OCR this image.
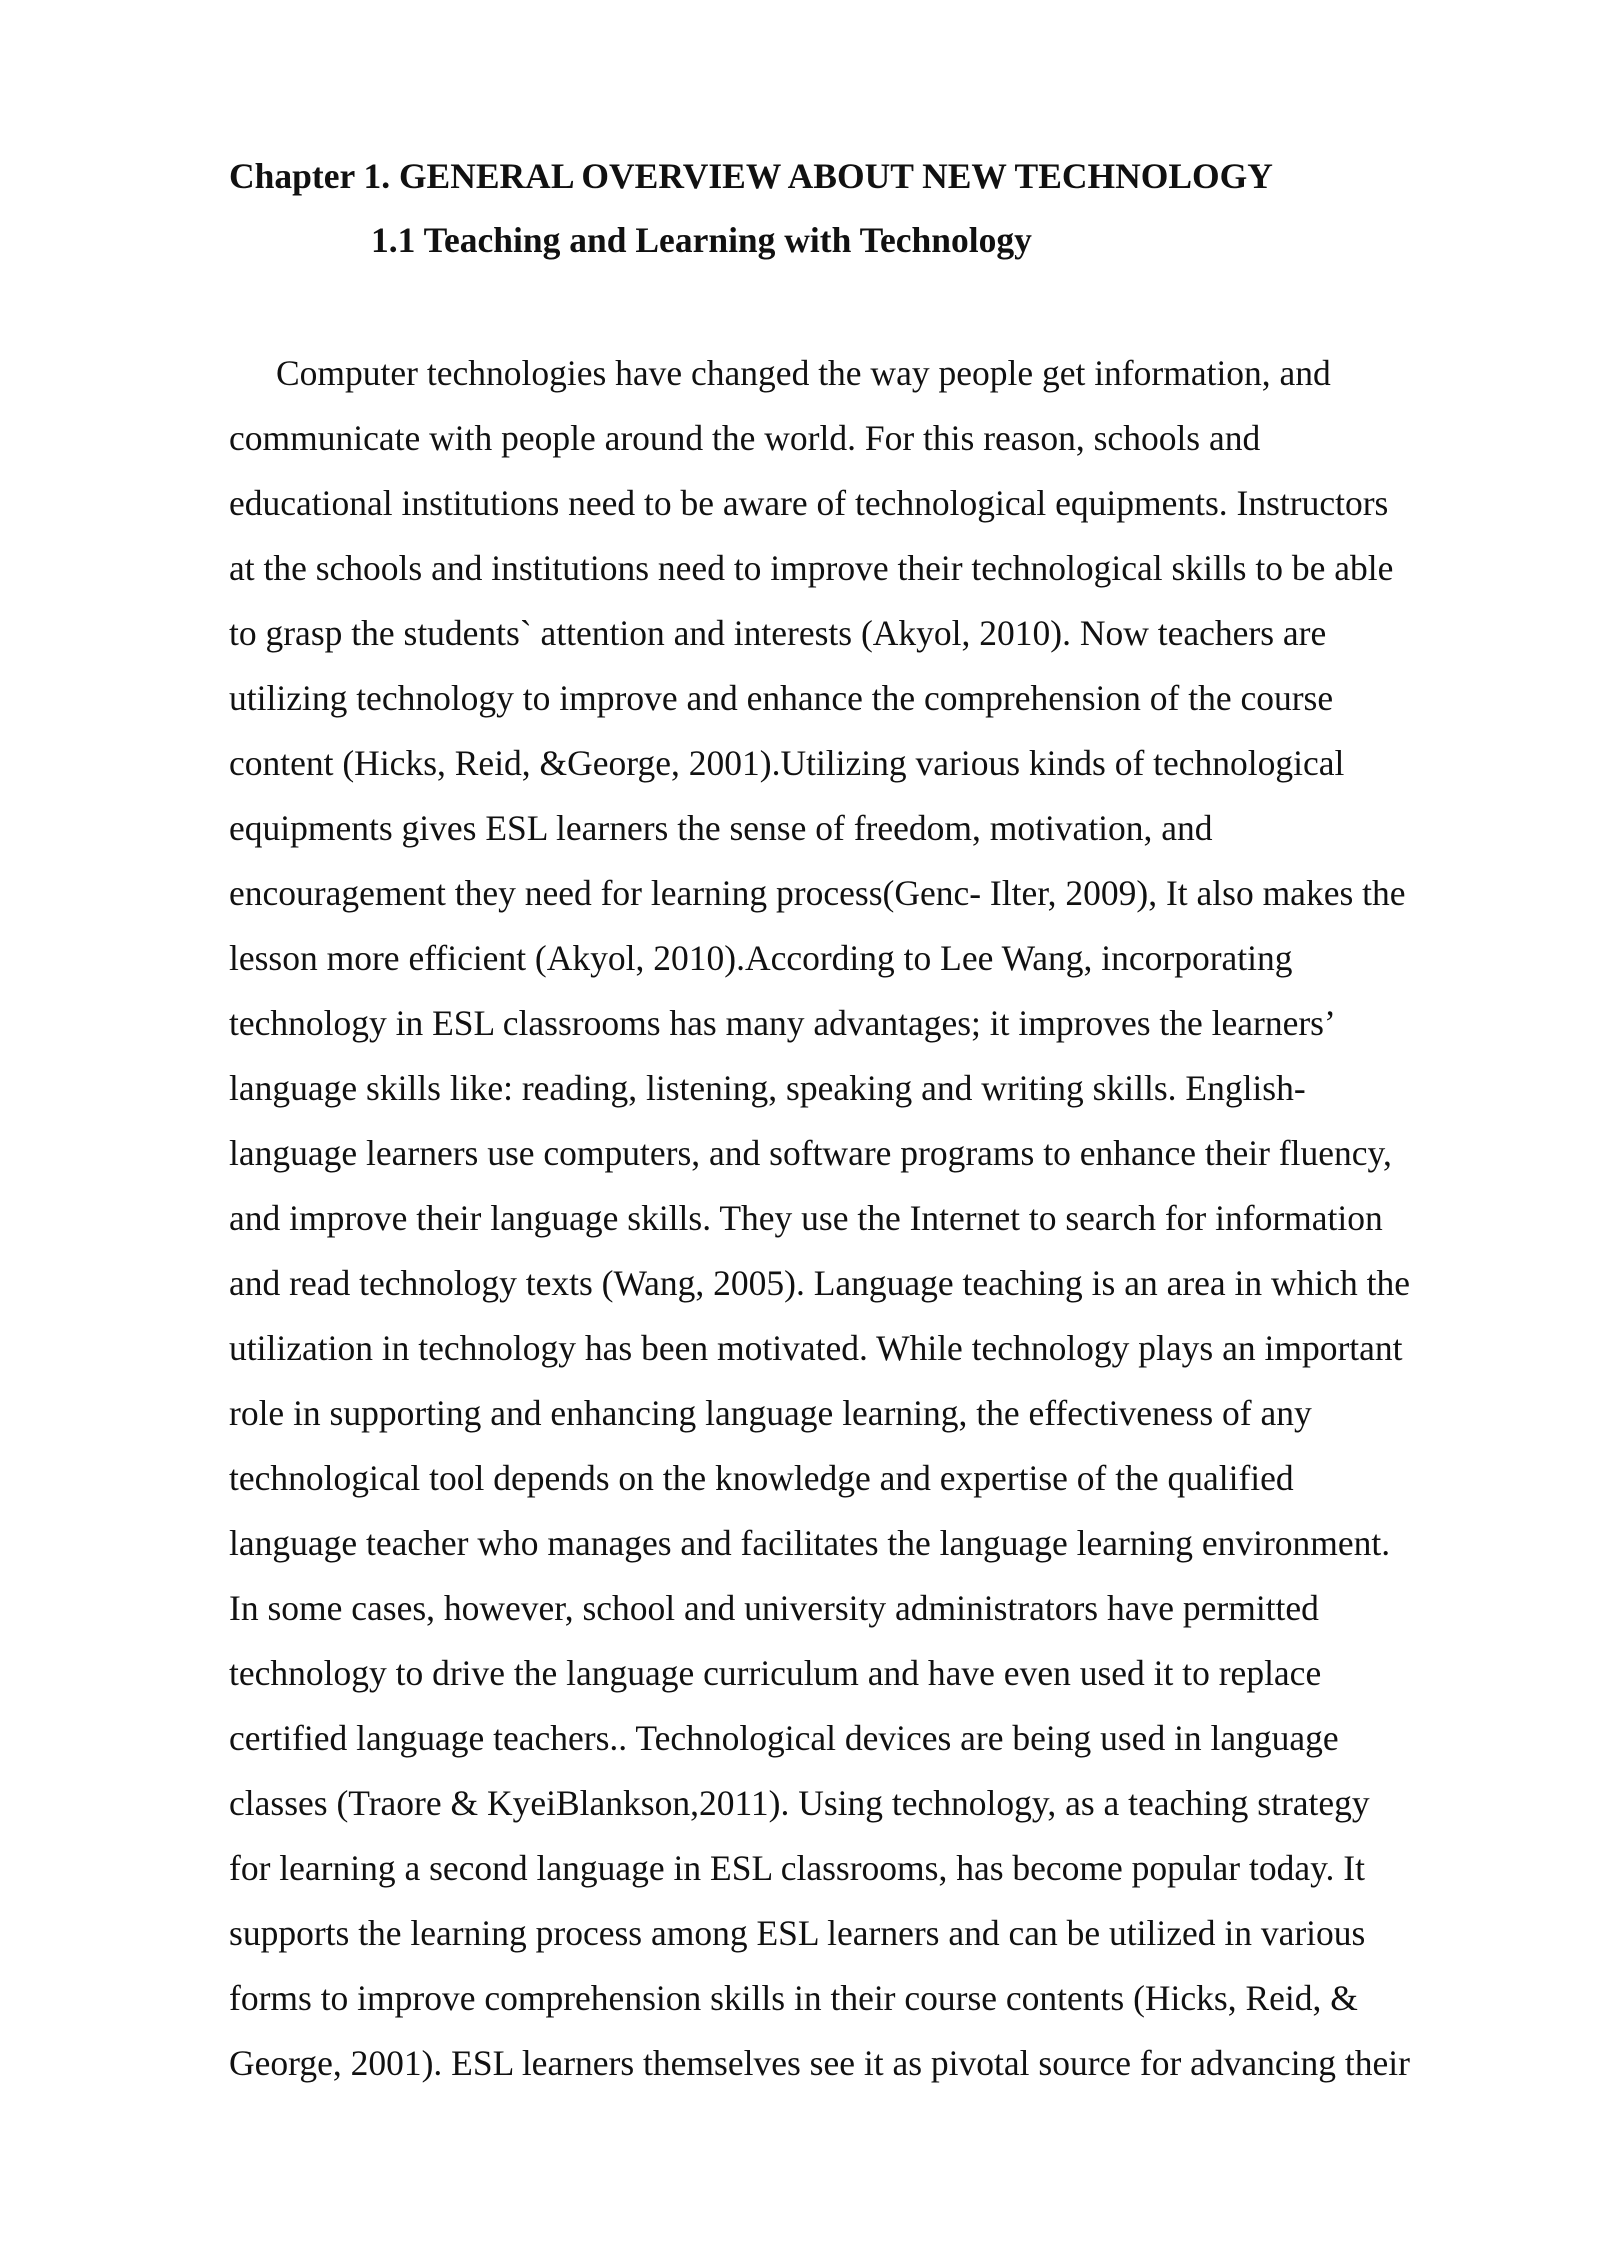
Chapter 1. GENERAL OVERVIEW ABOUT NEW TECHNOLOGY
1.1 Teaching and Learning with Technology
Computer technologies have changed the way people get information, and
communicate with people around the world. For this reason, schools and
educational institutions need to be aware of technological equipments. Instructors
at the schools and institutions need to improve their technological skills to be able
to grasp the students` attention and interests (Akyol, 2010). Now teachers are
utilizing technology to improve and enhance the comprehension of the course
content (Hicks, Reid, &George, 2001).Utilizing various kinds of technological
equipments gives ESL learners the sense of freedom, motivation, and
encouragement they need for learning process(Genc- Ilter, 2009), It also makes the
lesson more efficient (Akyol, 2010).According to Lee Wang, incorporating
technology in ESL classrooms has many advantages; it improves the learners’
language skills like: reading, listening, speaking and writing skills. English-
language learners use computers, and software programs to enhance their fluency,
and improve their language skills. They use the Internet to search for information
and read technology texts (Wang, 2005). Language teaching is an area in which the
utilization in technology has been motivated. While technology plays an important
role in supporting and enhancing language learning, the effectiveness of any
technological tool depends on the knowledge and expertise of the qualified
language teacher who manages and facilitates the language learning environment.
In some cases, however, school and university administrators have permitted
technology to drive the language curriculum and have even used it to replace
certified language teachers.. Technological devices are being used in language
classes (Traore & KyeiBlankson,2011). Using technology, as a teaching strategy
for learning a second language in ESL classrooms, has become popular today. It
supports the learning process among ESL learners and can be utilized in various
forms to improve comprehension skills in their course contents (Hicks, Reid, &
George, 2001). ESL learners themselves see it as pivotal source for advancing their
